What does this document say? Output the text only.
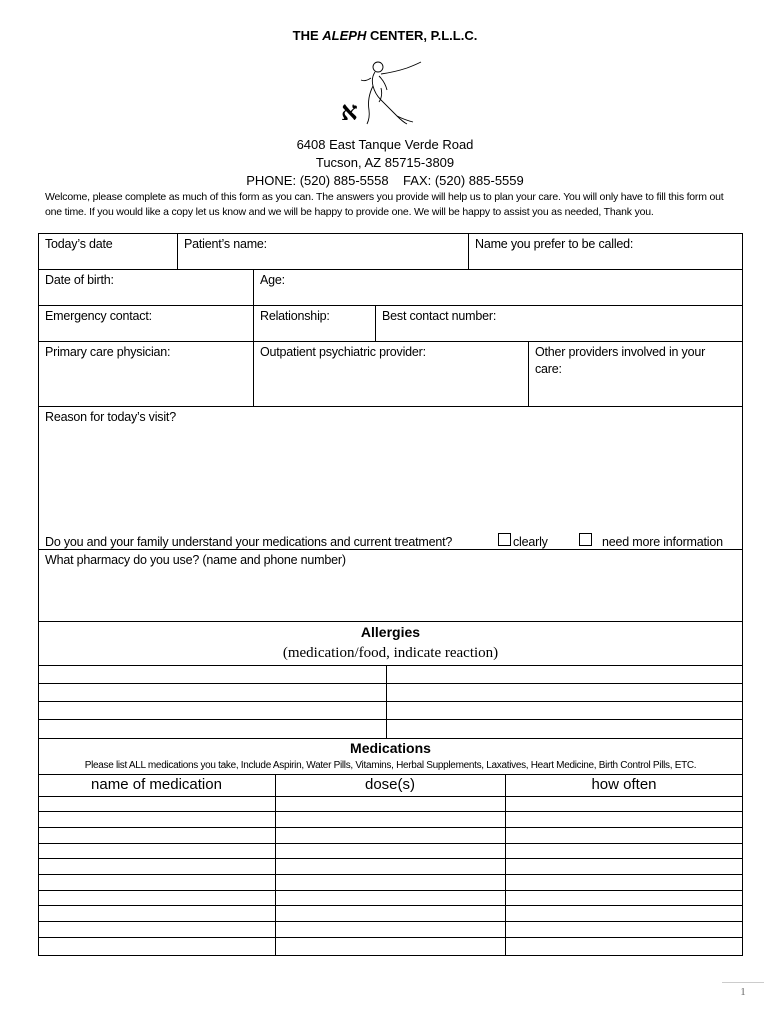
THE ALEPH CENTER, P.L.L.C.
א
6408 East Tanque Verde Road
Tucson, AZ 85715-3809
PHONE: (520) 885-5558    FAX: (520) 885-5559
Welcome, please complete as much of this form as you can. The answers you provide will help us to plan your care. You will only have to fill this form out one time. If you would like a copy let us know and we will be happy to provide one. We will be happy to assist you as needed, Thank you.
Today’s date	Patient’s name:	Name you prefer to be called:
Date of birth:	Age:
Emergency contact:	Relationship:	Best contact number:
Primary care physician:	Outpatient psychiatric provider:	Other providers involved in your care:
Reason for today’s visit?
Do you and your family understand your medications and current treatment?	clearly	need more information
What pharmacy do you use? (name and phone number)
Allergies
(medication/food, indicate reaction)
Medications
Please list ALL medications you take, Include Aspirin, Water Pills, Vitamins, Herbal Supplements, Laxatives, Heart Medicine, Birth Control Pills, ETC.
name of medication	dose(s)	how often
1
